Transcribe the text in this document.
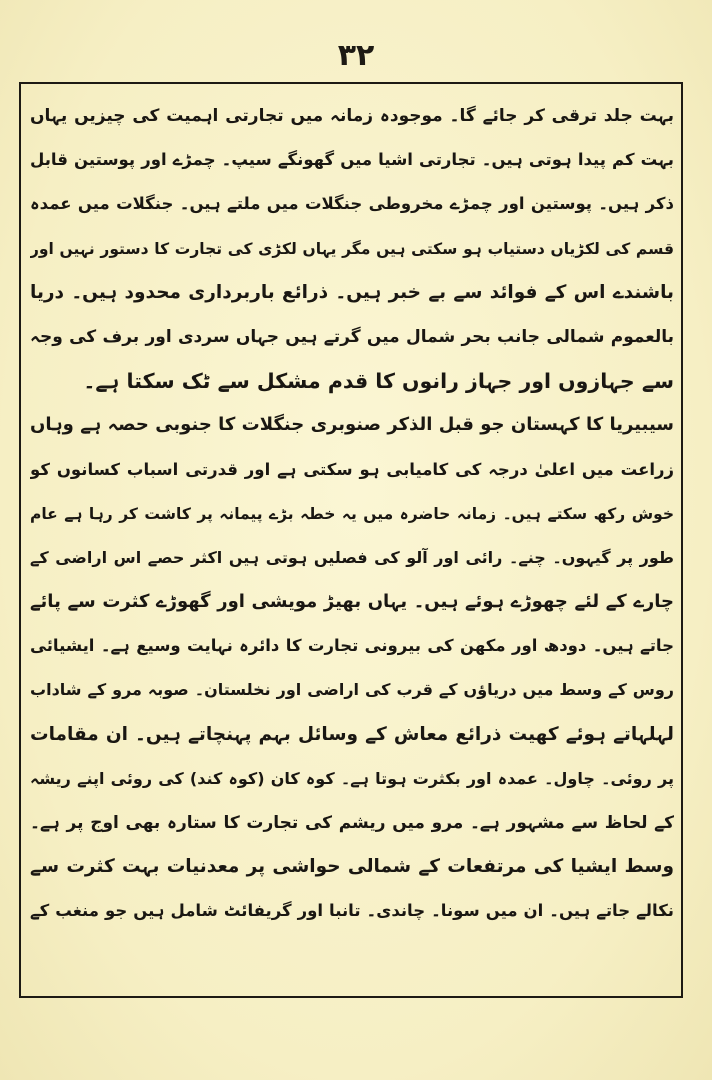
۳۲
بہت جلد ترقی کر جائے گا۔ موجودہ زمانہ میں تجارتی اہمیت کی چیزیں یہاں
بہت کم پیدا ہوتی ہیں۔ تجارتی اشیا میں گھونگے سیپ۔ چمڑے اور پوستین قابل
ذکر ہیں۔ پوستین اور چمڑے مخروطی جنگلات میں ملتے ہیں۔ جنگلات میں عمدہ
قسم کی لکڑیاں دستیاب ہو سکتی ہیں مگر یہاں لکڑی کی تجارت کا دستور نہیں اور
باشندے اس کے فوائد سے بے خبر ہیں۔ ذرائع باربرداری محدود ہیں۔ دریا
بالعموم شمالی جانب بحر شمال میں گرتے ہیں جہاں سردی اور برف کی وجہ
سے جہازوں اور جہاز رانوں کا قدم مشکل سے ٹک سکتا ہے۔
سیبیریا کا کہستان جو قبل الذکر صنوبری جنگلات کا جنوبی حصہ ہے وہاں
زراعت میں اعلیٰ درجہ کی کامیابی ہو سکتی ہے اور قدرتی اسباب کسانوں کو
خوش رکھ سکتے ہیں۔ زمانہ حاضرہ میں یہ خطہ بڑے پیمانہ پر کاشت کر رہا ہے عام
طور پر گیہوں۔ چنے۔ رائی اور آلو کی فصلیں ہوتی ہیں اکثر حصے اس اراضی کے
چارے کے لئے چھوڑے ہوئے ہیں۔ یہاں بھیڑ مویشی اور گھوڑے کثرت سے پائے
جاتے ہیں۔ دودھ اور مکھن کی بیرونی تجارت کا دائرہ نہایت وسیع ہے۔ ایشیائی
روس کے وسط میں دریاؤں کے قرب کی اراضی اور نخلستان۔ صوبہ مرو کے شاداب
لہلہاتے ہوئے کھیت ذرائع معاش کے وسائل بہم پہنچاتے ہیں۔ ان مقامات
پر روئی۔ چاول۔ عمدہ اور بکثرت ہوتا ہے۔ کوہ کان (کوہ کند) کی روئی اپنے ریشہ
کے لحاظ سے مشہور ہے۔ مرو میں ریشم کی تجارت کا ستارہ بھی اوج پر ہے۔
وسط ایشیا کی مرتفعات کے شمالی حواشی پر معدنیات بہت کثرت سے
نکالے جاتے ہیں۔ ان میں سونا۔ چاندی۔ تانبا اور گریفائٹ شامل ہیں جو منغب کے
